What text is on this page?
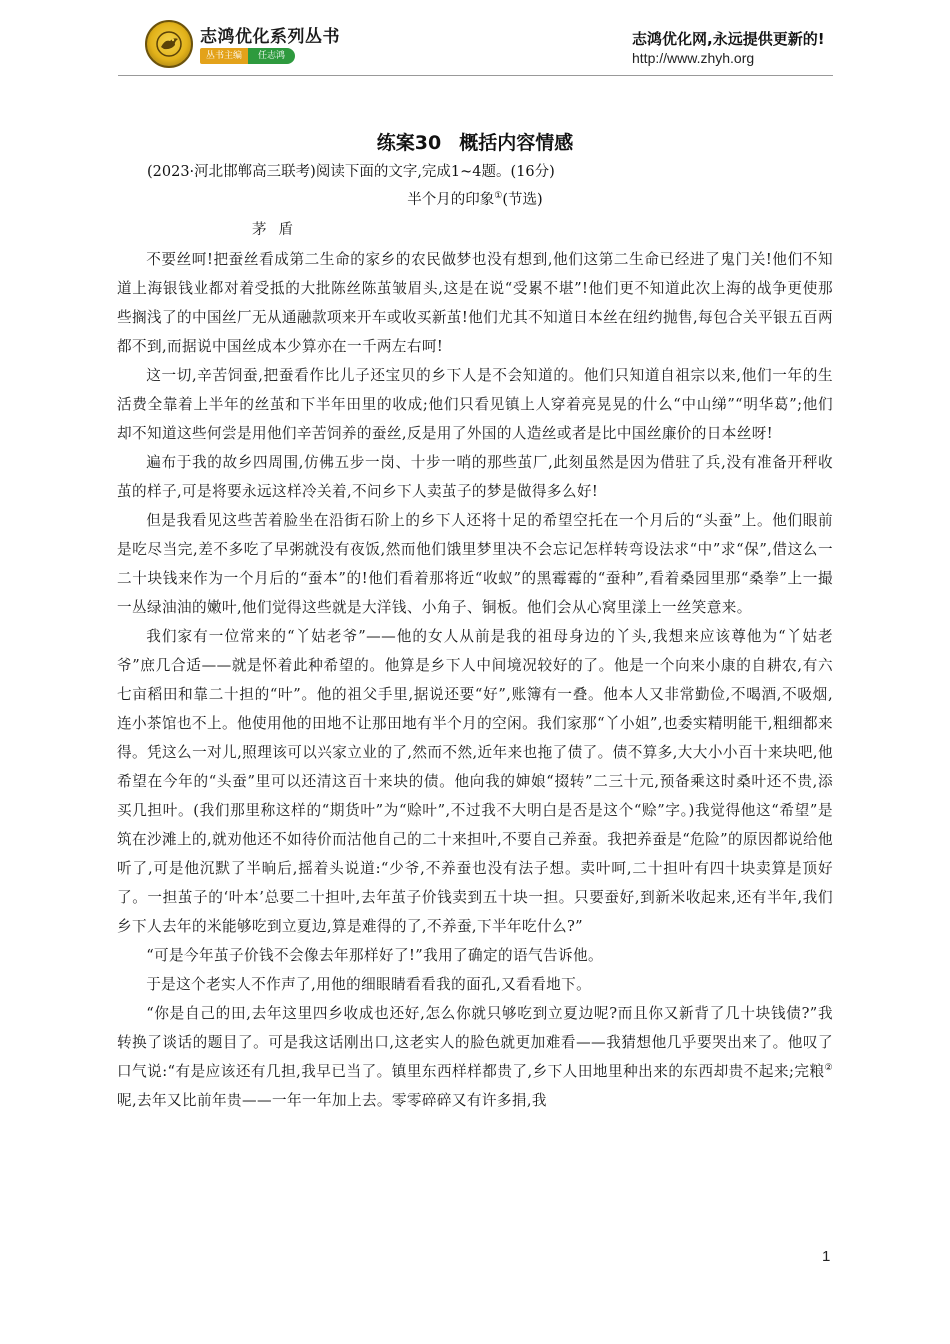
志鸿优化系列丛书
丛书主编	任志鸿
志鸿优化网,永远提供更新的!
http://www.zhyh.org
练案30 概括内容情感
(2023·河北邯郸高三联考)阅读下面的文字,完成1~4题。(16分)
半个月的印象①(节选)
茅盾

不要丝呵!把蚕丝看成第二生命的家乡的农民做梦也没有想到,他们这第二生命已经进了鬼门关!他们不知道上海银钱业都对着受抵的大批陈丝陈茧皱眉头,这是在说“受累不堪”!他们更不知道此次上海的战争更使那些搁浅了的中国丝厂无从通融款项来开车或收买新茧!他们尤其不知道日本丝在纽约抛售,每包合关平银五百两都不到,而据说中国丝成本少算亦在一千两左右呵!

这一切,辛苦饲蚕,把蚕看作比儿子还宝贝的乡下人是不会知道的。他们只知道自祖宗以来,他们一年的生活费全靠着上半年的丝茧和下半年田里的收成;他们只看见镇上人穿着亮晃晃的什么“中山绨”“明华葛”;他们却不知道这些何尝是用他们辛苦饲养的蚕丝,反是用了外国的人造丝或者是比中国丝廉价的日本丝呀!

遍布于我的故乡四周围,仿佛五步一岗、十步一哨的那些茧厂,此刻虽然是因为借驻了兵,没有准备开秤收茧的样子,可是将要永远这样冷关着,不问乡下人卖茧子的梦是做得多么好!

但是我看见这些苦着脸坐在沿街石阶上的乡下人还将十足的希望空托在一个月后的“头蚕”上。他们眼前是吃尽当完,差不多吃了早粥就没有夜饭,然而他们饿里梦里决不会忘记怎样转弯设法求“中”求“保”,借这么一二十块钱来作为一个月后的“蚕本”的!他们看着那将近“收蚁”的黑霉霉的“蚕种”,看着桑园里那“桑拳”上一撮一丛绿油油的嫩叶,他们觉得这些就是大洋钱、小角子、铜板。他们会从心窝里漾上一丝笑意来。

我们家有一位常来的“丫姑老爷”——他的女人从前是我的祖母身边的丫头,我想来应该尊他为“丫姑老爷”庶几合适——就是怀着此种希望的。他算是乡下人中间境况较好的了。他是一个向来小康的自耕农,有六七亩稻田和靠二十担的“叶”。他的祖父手里,据说还要“好”,账簿有一叠。他本人又非常勤俭,不喝酒,不吸烟,连小茶馆也不上。他使用他的田地不让那田地有半个月的空闲。我们家那“丫小姐”,也委实精明能干,粗细都来得。凭这么一对儿,照理该可以兴家立业的了,然而不然,近年来也拖了债了。债不算多,大大小小百十来块吧,他希望在今年的“头蚕”里可以还清这百十来块的债。他向我的婶娘“掇转”二三十元,预备乘这时桑叶还不贵,添买几担叶。(我们那里称这样的“期货叶”为“赊叶”,不过我不大明白是否是这个“赊”字。)我觉得他这“希望”是筑在沙滩上的,就劝他还不如待价而沽他自己的二十来担叶,不要自己养蚕。我把养蚕是“危险”的原因都说给他听了,可是他沉默了半晌后,摇着头说道:“少爷,不养蚕也没有法子想。卖叶呵,二十担叶有四十块卖算是顶好了。一担茧子的‘叶本’总要二十担叶,去年茧子价钱卖到五十块一担。只要蚕好,到新米收起来,还有半年,我们乡下人去年的米能够吃到立夏边,算是难得的了,不养蚕,下半年吃什么?”

“可是今年茧子价钱不会像去年那样好了!”我用了确定的语气告诉他。

于是这个老实人不作声了,用他的细眼睛看看我的面孔,又看看地下。

“你是自己的田,去年这里四乡收成也还好,怎么你就只够吃到立夏边呢?而且你又新背了几十块钱债?”我转换了谈话的题目了。可是我这话刚出口,这老实人的脸色就更加难看——我猜想他几乎要哭出来了。他叹了口气说:“有是应该还有几担,我早已当了。镇里东西样样都贵了,乡下人田地里种出来的东西却贵不起来;完粮②呢,去年又比前年贵——一年一年加上去。零零碎碎又有许多捐,我

1
